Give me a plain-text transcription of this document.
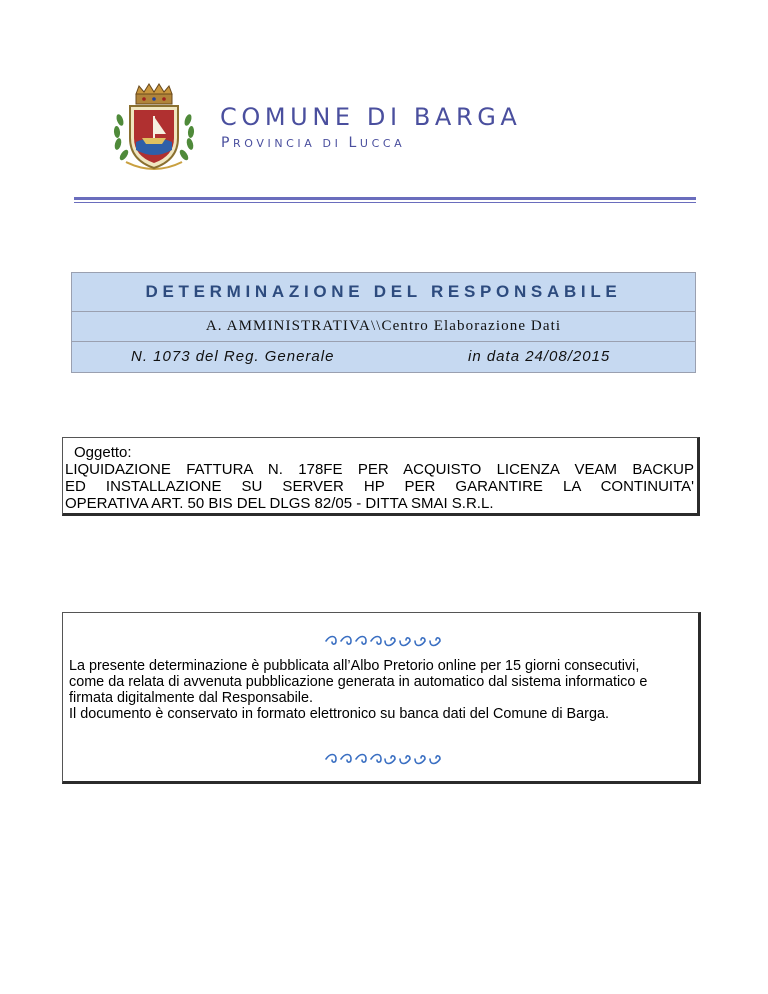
COMUNE DI BARGA
PROVINCIA DI LUCCA
DETERMINAZIONE DEL RESPONSABILE
A. AMMINISTRATIVA\\Centro Elaborazione Dati
N. 1073 del Reg. Generale	in data 24/08/2015
Oggetto:
LIQUIDAZIONE FATTURA N. 178FE PER ACQUISTO LICENZA VEAM BACKUP
ED INSTALLAZIONE SU SERVER HP PER GARANTIRE LA CONTINUITA'
OPERATIVA ART. 50 BIS DEL DLGS 82/05 - DITTA SMAI S.R.L.
La presente determinazione è pubblicata all’Albo Pretorio online per 15 giorni consecutivi,
come da relata di avvenuta pubblicazione generata in automatico dal sistema informatico e
firmata digitalmente dal Responsabile.
Il documento è conservato in formato elettronico su banca dati del Comune di Barga.
